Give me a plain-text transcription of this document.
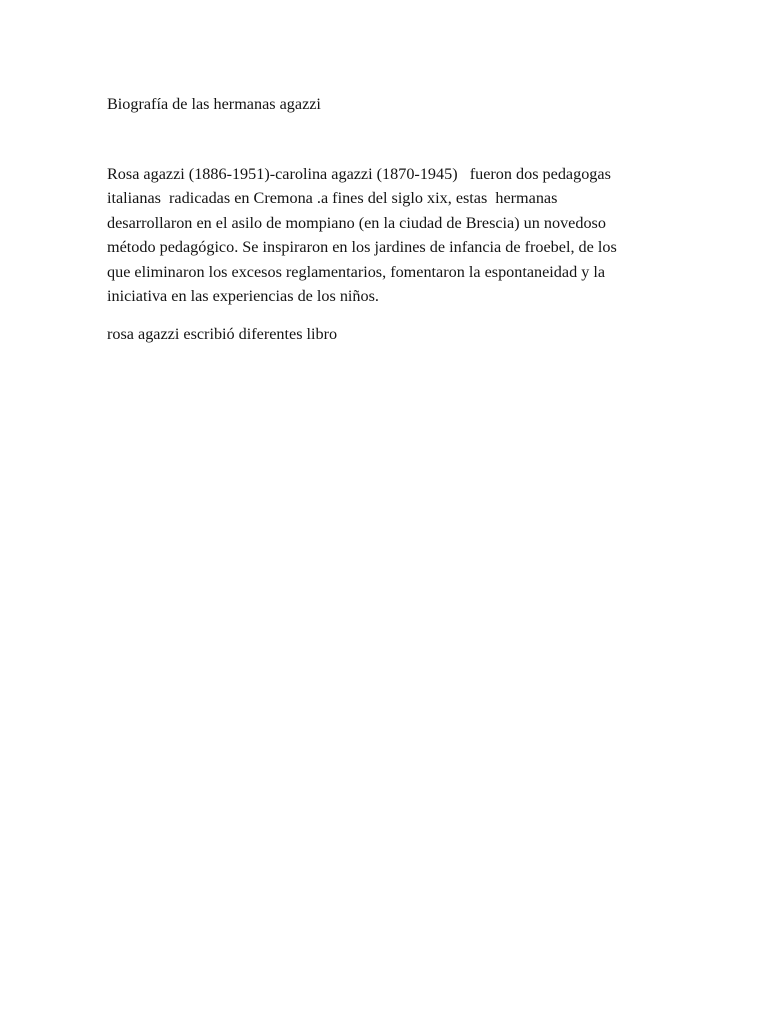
Biografía de las hermanas agazzi

Rosa agazzi (1886-1951)-carolina agazzi (1870-1945)   fueron dos pedagogas
italianas  radicadas en Cremona .a fines del siglo xix, estas  hermanas
desarrollaron en el asilo de mompiano (en la ciudad de Brescia) un novedoso
método pedagógico. Se inspiraron en los jardines de infancia de froebel, de los
que eliminaron los excesos reglamentarios, fomentaron la espontaneidad y la
iniciativa en las experiencias de los niños.

rosa agazzi escribió diferentes libro
